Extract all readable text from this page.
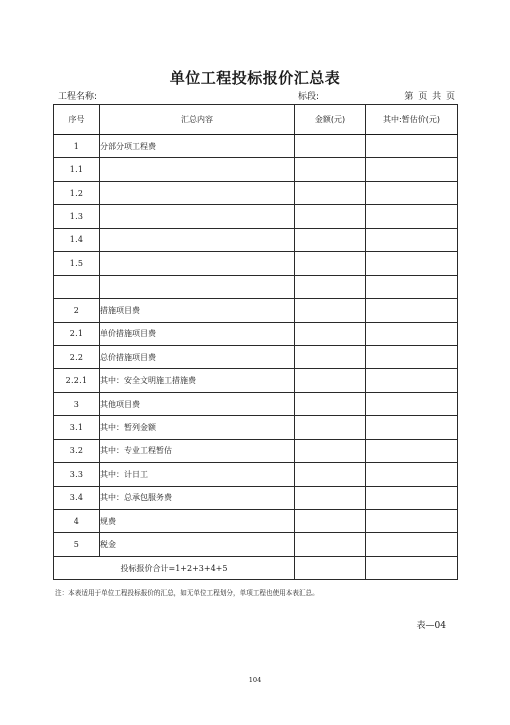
单位工程投标报价汇总表
工程名称:	标段:	第 页 共 页
序号	汇总内容	金额(元)	其中:暂估价(元)
1	分部分项工程费		
1.1			
1.2			
1.3			
1.4			
1.5			

2	措施项目费		
2.1	单价措施项目费		
2.2	总价措施项目费		
2.2.1	其中：安全文明施工措施费		
3	其他项目费		
3.1	其中：暂列金额		
3.2	其中：专业工程暂估		
3.3	其中：计日工		
3.4	其中：总承包服务费		
4	规费		
5	税金		
投标报价合计=1+2+3+4+5			
注：本表适用于单位工程投标报价的汇总，如无单位工程划分，单项工程也使用本表汇总。
表—04
104
